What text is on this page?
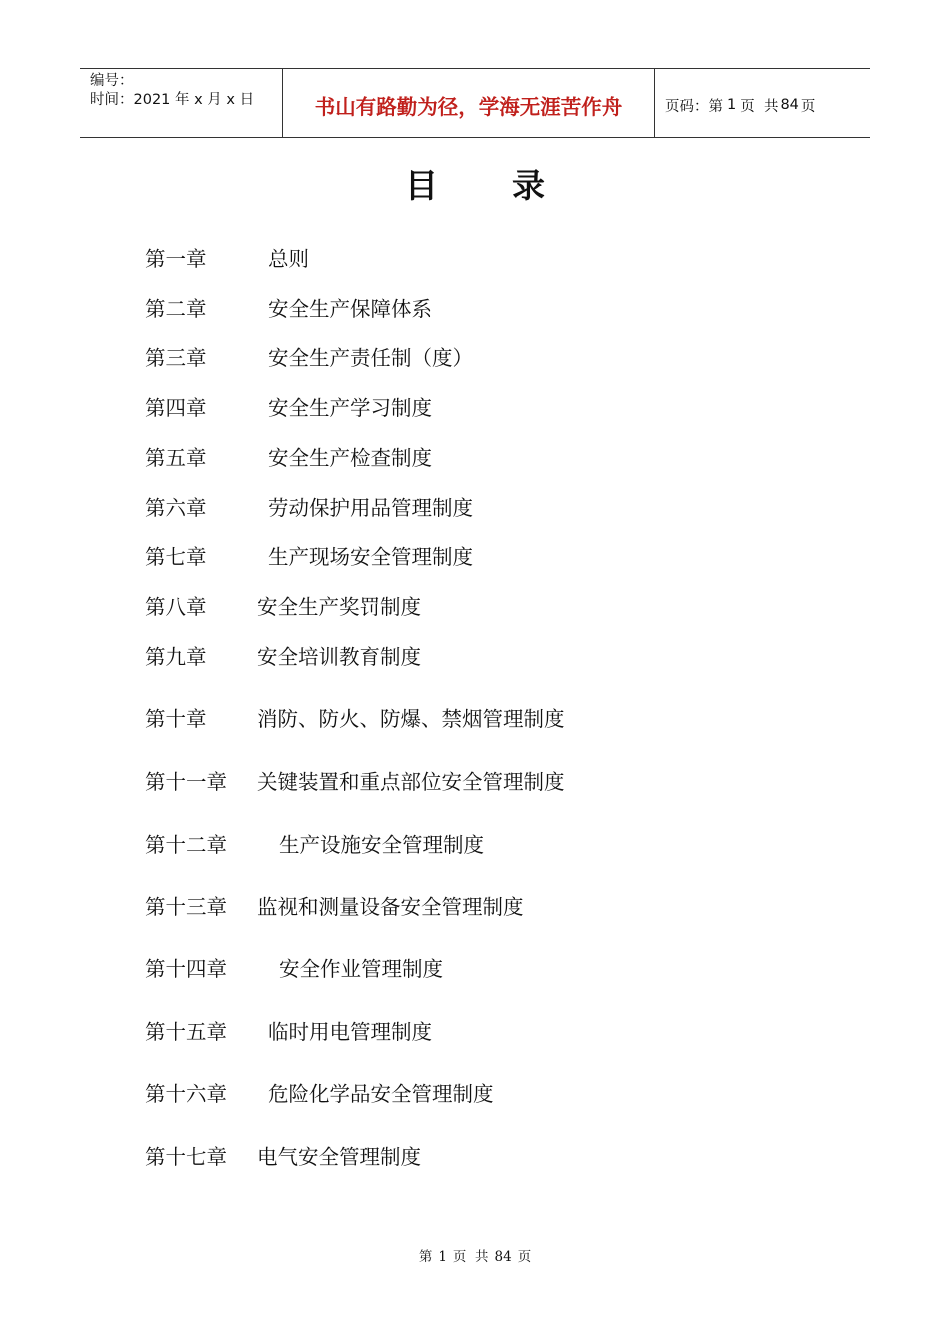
编号：
时间：2021 年 x 月 x 日	书山有路勤为径，学海无涯苦作舟	页码：第 1 页  共 84 页
目 录
第一章	总则
第二章	安全生产保障体系
第三章	安全生产责任制（度）
第四章	安全生产学习制度
第五章	安全生产检查制度
第六章	劳动保护用品管理制度
第七章	生产现场安全管理制度
第八章 安全生产奖罚制度
第九章 安全培训教育制度
第十章 消防、防火、防爆、禁烟管理制度
第十一章 关键装置和重点部位安全管理制度
第十二章	生产设施安全管理制度
第十三章 监视和测量设备安全管理制度
第十四章	安全作业管理制度
第十五章 临时用电管理制度
第十六章 危险化学品安全管理制度
第十七章 电气安全管理制度
第 1 页  共 84 页
